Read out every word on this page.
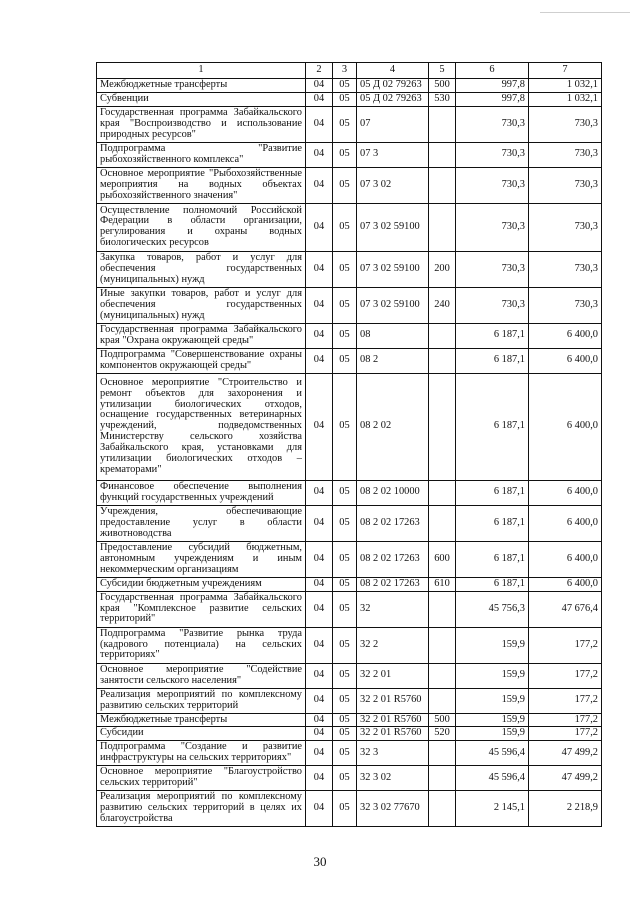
1	2	3	4	5	6	7
Межбюджетные трансферты	04	05	05 Д 02 79263	500	997,8	1 032,1
Субвенции	04	05	05 Д 02 79263	530	997,8	1 032,1
Государственная программа Забайкальского края "Воспроизводство и использование природных ресурсов"	04	05	07		730,3	730,3
Подпрограмма "Развитие рыбохозяйственного комплекса"	04	05	07 3		730,3	730,3
Основное мероприятие "Рыбохозяйственные мероприятия на водных объектах рыбохозяйственного значения"	04	05	07 3 02		730,3	730,3
Осуществление полномочий Российской Федерации в области организации, регулирования и охраны водных биологических ресурсов	04	05	07 3 02 59100		730,3	730,3
Закупка товаров, работ и услуг для обеспечения государственных (муниципальных) нужд	04	05	07 3 02 59100	200	730,3	730,3
Иные закупки товаров, работ и услуг для обеспечения государственных (муниципальных) нужд	04	05	07 3 02 59100	240	730,3	730,3
Государственная программа Забайкальского края "Охрана окружающей среды"	04	05	08		6 187,1	6 400,0
Подпрограмма "Совершенствование охраны компонентов окружающей среды"	04	05	08 2		6 187,1	6 400,0
Основное мероприятие "Строительство и ремонт объектов для захоронения и утилизации биологических отходов, оснащение государственных ветеринарных учреждений, подведомственных Министерству сельского хозяйства Забайкальского края, установками для утилизации биологических отходов – крематорами"	04	05	08 2 02		6 187,1	6 400,0
Финансовое обеспечение выполнения функций государственных учреждений	04	05	08 2 02 10000		6 187,1	6 400,0
Учреждения, обеспечивающие предоставление услуг в области животноводства	04	05	08 2 02 17263		6 187,1	6 400,0
Предоставление субсидий бюджетным, автономным учреждениям и иным некоммерческим организациям	04	05	08 2 02 17263	600	6 187,1	6 400,0
Субсидии бюджетным учреждениям	04	05	08 2 02 17263	610	6 187,1	6 400,0
Государственная программа Забайкальского края "Комплексное развитие сельских территорий"	04	05	32		45 756,3	47 676,4
Подпрограмма "Развитие рынка труда (кадрового потенциала) на сельских территориях"	04	05	32 2		159,9	177,2
Основное мероприятие "Содействие занятости сельского населения"	04	05	32 2 01		159,9	177,2
Реализация мероприятий по комплексному развитию сельских территорий	04	05	32 2 01 R5760		159,9	177,2
Межбюджетные трансферты	04	05	32 2 01 R5760	500	159,9	177,2
Субсидии	04	05	32 2 01 R5760	520	159,9	177,2
Подпрограмма "Создание и развитие инфраструктуры на сельских территориях"	04	05	32 3		45 596,4	47 499,2
Основное мероприятие "Благоустройство сельских территорий"	04	05	32 3 02		45 596,4	47 499,2
Реализация мероприятий по комплексному развитию сельских территорий в целях их благоустройства	04	05	32 3 02 77670		2 145,1	2 218,9
30
